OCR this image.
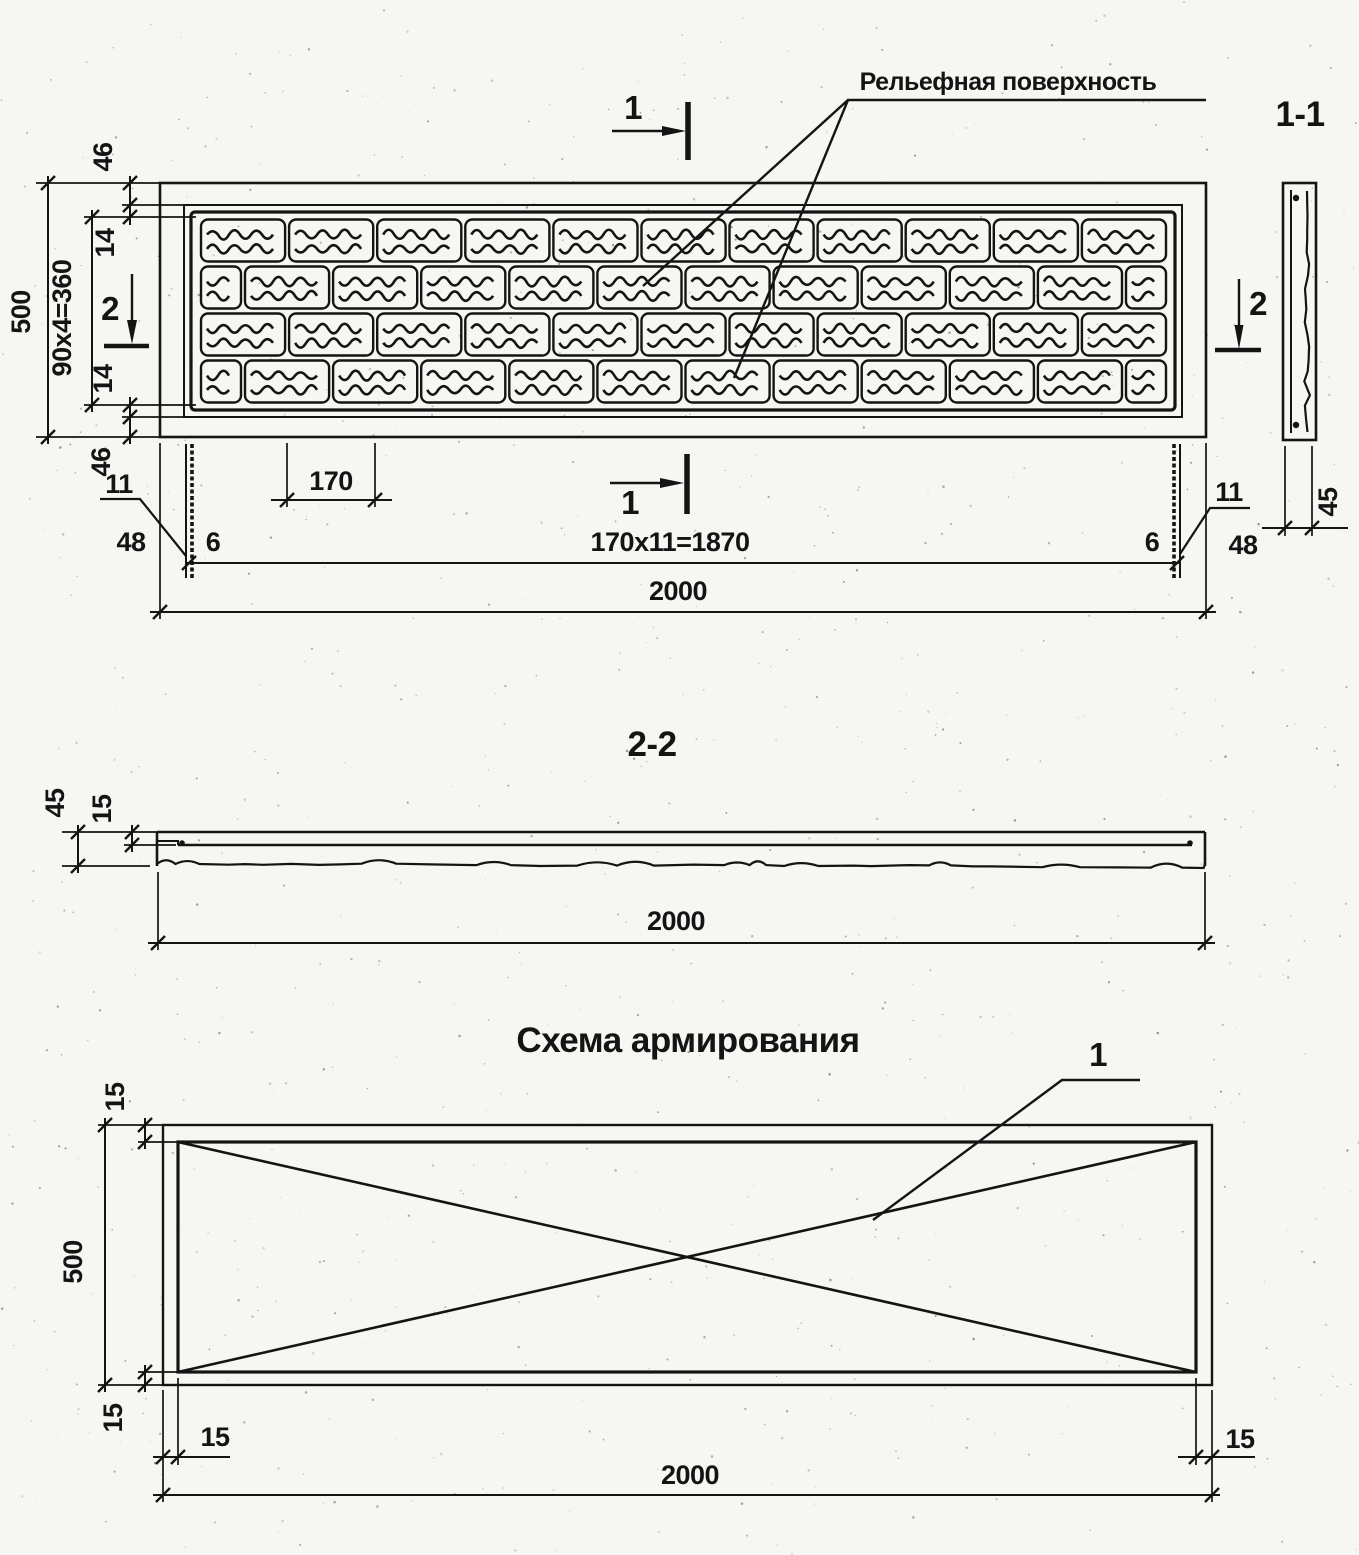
Рельефная поверхность
1
1
2	2
500 90x4=360
46
14
14
46
11	11
48 6	6	48
170
170x11=1870
2000
1-1
45
2-2
45 15
2000
Схема армирования	1
15
500
15
15	15
2000
